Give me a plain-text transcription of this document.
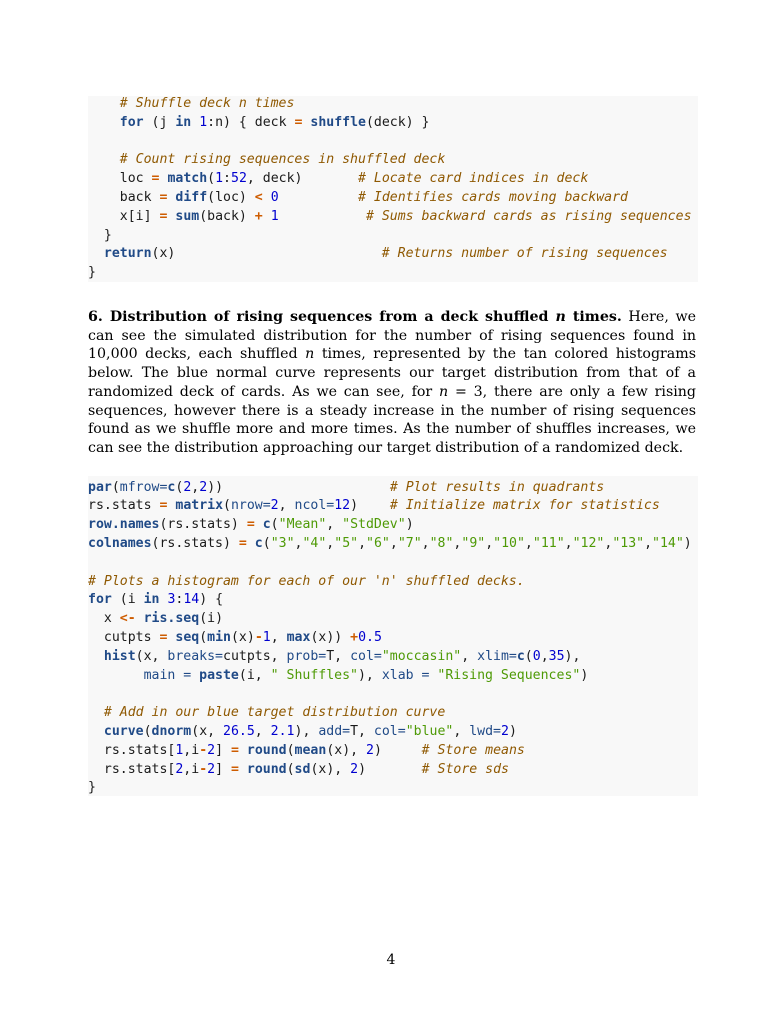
# Shuffle deck n times
for (j in 1:n) { deck = shuffle(deck) }
# Count rising sequences in shuffled deck
loc = match(1:52, deck)       # Locate card indices in deck
back = diff(loc) < 0	# Identifies cards moving backward
x[i] = sum(back) + 1	# Sums backward cards as rising sequences
}
return(x)                          # Returns number of rising sequences
}
6. Distribution of rising sequences from a deck shuffled n times. Here, we can see the simulated distribution for the number of rising sequences found in 10,000 decks, each shuffled n times, represented by the tan colored histograms below. The blue normal curve represents our target distribution from that of a randomized deck of cards. As we can see, for n = 3, there are only a few rising sequences, however there is a steady increase in the number of rising sequences found as we shuffle more and more times. As the number of shuffles increases, we can see the distribution approaching our target distribution of a randomized deck.
par(mfrow=c(2,2))                     # Plot results in quadrants
rs.stats = matrix(nrow=2, ncol=12)    # Initialize matrix for statistics
row.names(rs.stats) = c("Mean", "StdDev")
colnames(rs.stats) = c("3","4","5","6","7","8","9","10","11","12","13","14")
# Plots a histogram for each of our 'n' shuffled decks.
for (i in 3:14) {
x <- ris.seq(i)
cutpts = seq(min(x)-1, max(x)) +0.5
hist(x, breaks=cutpts, prob=T, col="moccasin", xlim=c(0,35),
main = paste(i, " Shuffles"), xlab = "Rising Sequences")
# Add in our blue target distribution curve
curve(dnorm(x, 26.5, 2.1), add=T, col="blue", lwd=2)
rs.stats[1,i-2] = round(mean(x), 2)     # Store means
rs.stats[2,i-2] = round(sd(x), 2)       # Store sds
}
4
